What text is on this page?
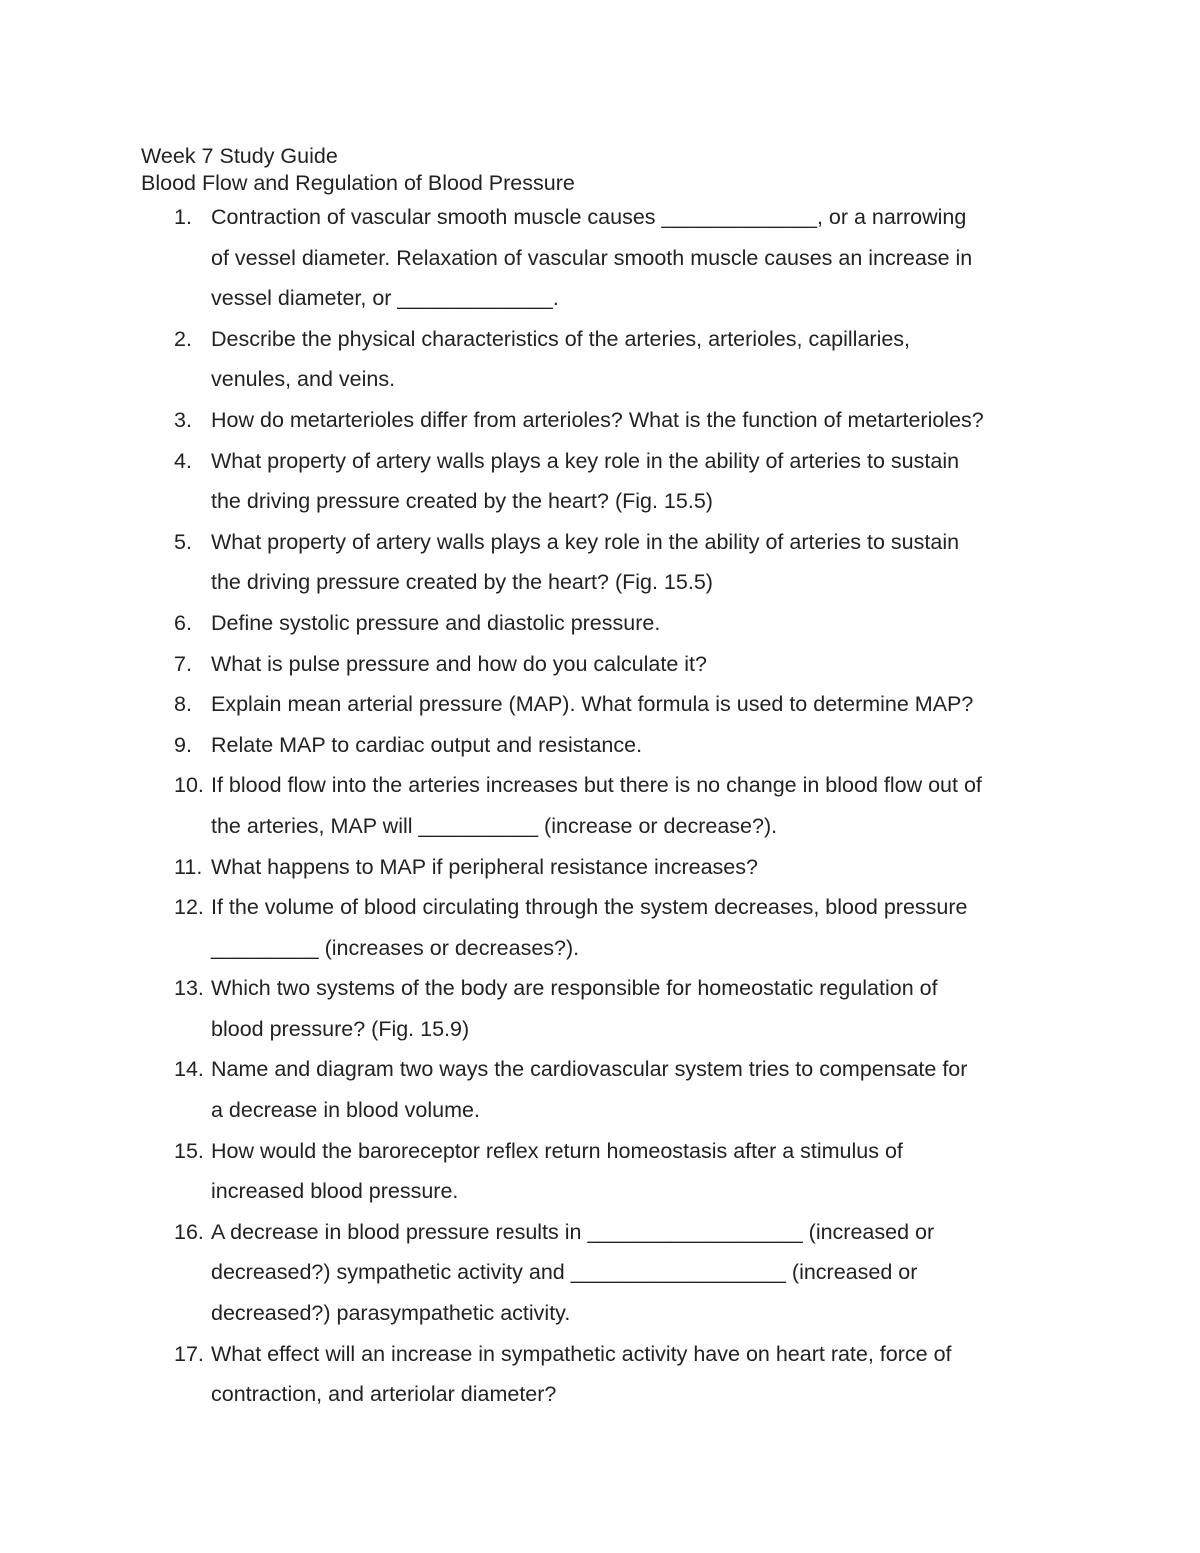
Week 7 Study Guide

Blood Flow and Regulation of Blood Pressure

1. Contraction of vascular smooth muscle causes _____________, or a narrowing
of vessel diameter. Relaxation of vascular smooth muscle causes an increase in
vessel diameter, or _____________.
2. Describe the physical characteristics of the arteries, arterioles, capillaries,
venules, and veins.
3. How do metarterioles differ from arterioles? What is the function of metarterioles?
4. What property of artery walls plays a key role in the ability of arteries to sustain
the driving pressure created by the heart? (Fig. 15.5)
5. What property of artery walls plays a key role in the ability of arteries to sustain
the driving pressure created by the heart? (Fig. 15.5)
6. Define systolic pressure and diastolic pressure.
7. What is pulse pressure and how do you calculate it?
8. Explain mean arterial pressure (MAP). What formula is used to determine MAP?
9. Relate MAP to cardiac output and resistance.
10. If blood flow into the arteries increases but there is no change in blood flow out of
the arteries, MAP will __________ (increase or decrease?).
11. What happens to MAP if peripheral resistance increases?
12. If the volume of blood circulating through the system decreases, blood pressure
_________ (increases or decreases?).
13. Which two systems of the body are responsible for homeostatic regulation of
blood pressure? (Fig. 15.9)
14. Name and diagram two ways the cardiovascular system tries to compensate for
a decrease in blood volume.
15. How would the baroreceptor reflex return homeostasis after a stimulus of
increased blood pressure.
16. A decrease in blood pressure results in __________________ (increased or
decreased?) sympathetic activity and __________________ (increased or
decreased?) parasympathetic activity.
17. What effect will an increase in sympathetic activity have on heart rate, force of
contraction, and arteriolar diameter?
